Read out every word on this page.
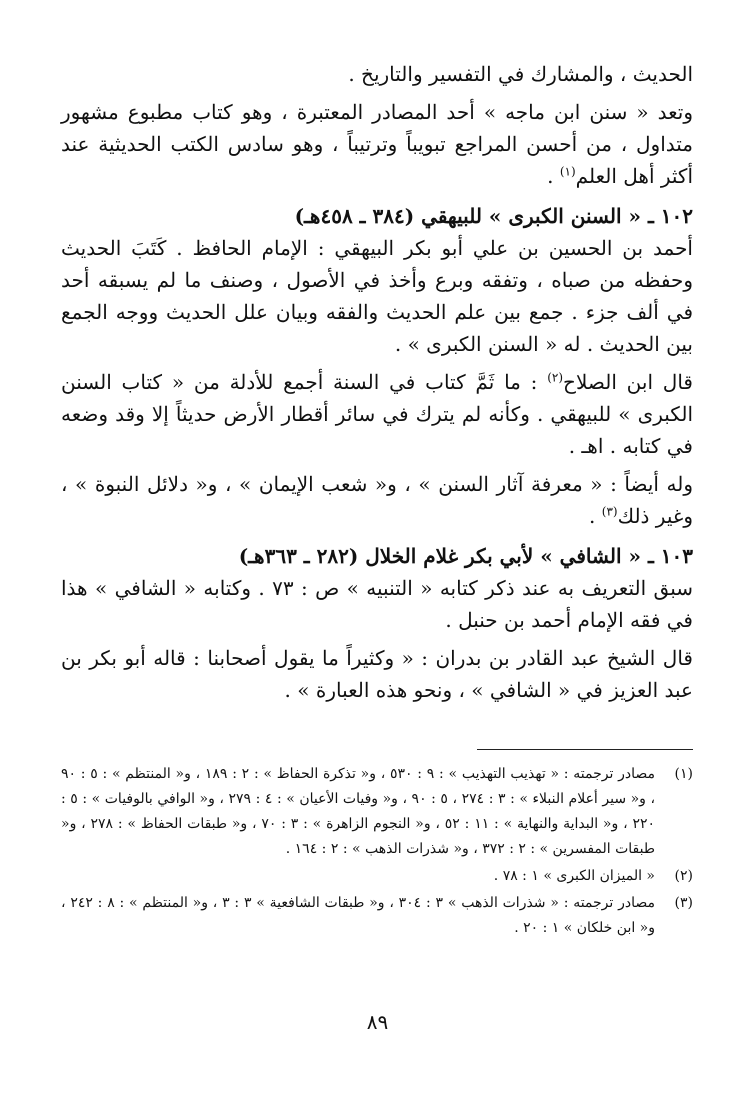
الحديث ، والمشارك في التفسير والتاريخ .

وتعد « سنن ابن ماجه » أحد المصادر المعتبرة ، وهو كتاب مطبوع مشهور متداول ، من أحسن المراجع تبويباً وترتيباً ، وهو سادس الكتب الحديثية عند أكثر أهل العلم$^{(١)}$ .

١٠٢ ـ « السنن الكبرى » للبيهقي (٣٨٤ ـ ٤٥٨هـ)

أحمد بن الحسين بن علي أبو بكر البيهقي : الإمام الحافظ . كَتَبَ الحديث وحفظه من صباه ، وتفقه وبرع وأخذ في الأصول ، وصنف ما لم يسبقه أحد في ألف جزء . جمع بين علم الحديث والفقه وبيان علل الحديث ووجه الجمع بين الحديث . له « السنن الكبرى » .

قال ابن الصلاح$^{(٢)}$ : ما ثَمَّ كتاب في السنة أجمع للأدلة من « كتاب السنن الكبرى » للبيهقي . وكأنه لم يترك في سائر أقطار الأرض حديثاً إلا وقد وضعه في كتابه . اهـ .

وله أيضاً : « معرفة آثار السنن » ، و« شعب الإيمان » ، و« دلائل النبوة » ، وغير ذلك$^{(٣)}$ .

١٠٣ ـ « الشافي » لأبي بكر غلام الخلال (٢٨٢ ـ ٣٦٣هـ)

سبق التعريف به عند ذكر كتابه « التنبيه » ص : ٧٣ . وكتابه « الشافي » هذا في فقه الإمام أحمد بن حنبل .

قال الشيخ عبد القادر بن بدران : « وكثيراً ما يقول أصحابنا : قاله أبو بكر بن عبد العزيز في « الشافي » ، ونحو هذه العبارة » .

(١)
مصادر ترجمته : « تهذيب التهذيب » : ٩ : ٥٣٠ ، و« تذكرة الحفاظ » : ٢ : ١٨٩ ، و« المنتظم » : ٥ : ٩٠ ، و« سير أعلام النبلاء » : ٣ : ٢٧٤ ، ٥ : ٩٠ ، و« وفيات الأعيان » : ٤ : ٢٧٩ ، و« الوافي بالوفيات » : ٥ : ٢٢٠ ، و« البداية والنهاية » : ١١ : ٥٢ ، و« النجوم الزاهرة » : ٣ : ٧٠ ، و« طبقات الحفاظ » : ٢٧٨ ، و« طبقات المفسرين » : ٢ : ٣٧٢ ، و« شذرات الذهب » : ٢ : ١٦٤ .
(٢)
« الميزان الكبرى » ١ : ٧٨ .
(٣)
مصادر ترجمته : « شذرات الذهب » ٣ : ٣٠٤ ، و« طبقات الشافعية » ٣ : ٣ ، و« المنتظم » : ٨ : ٢٤٢ ، و« ابن خلكان » ١ : ٢٠ .
٨٩
